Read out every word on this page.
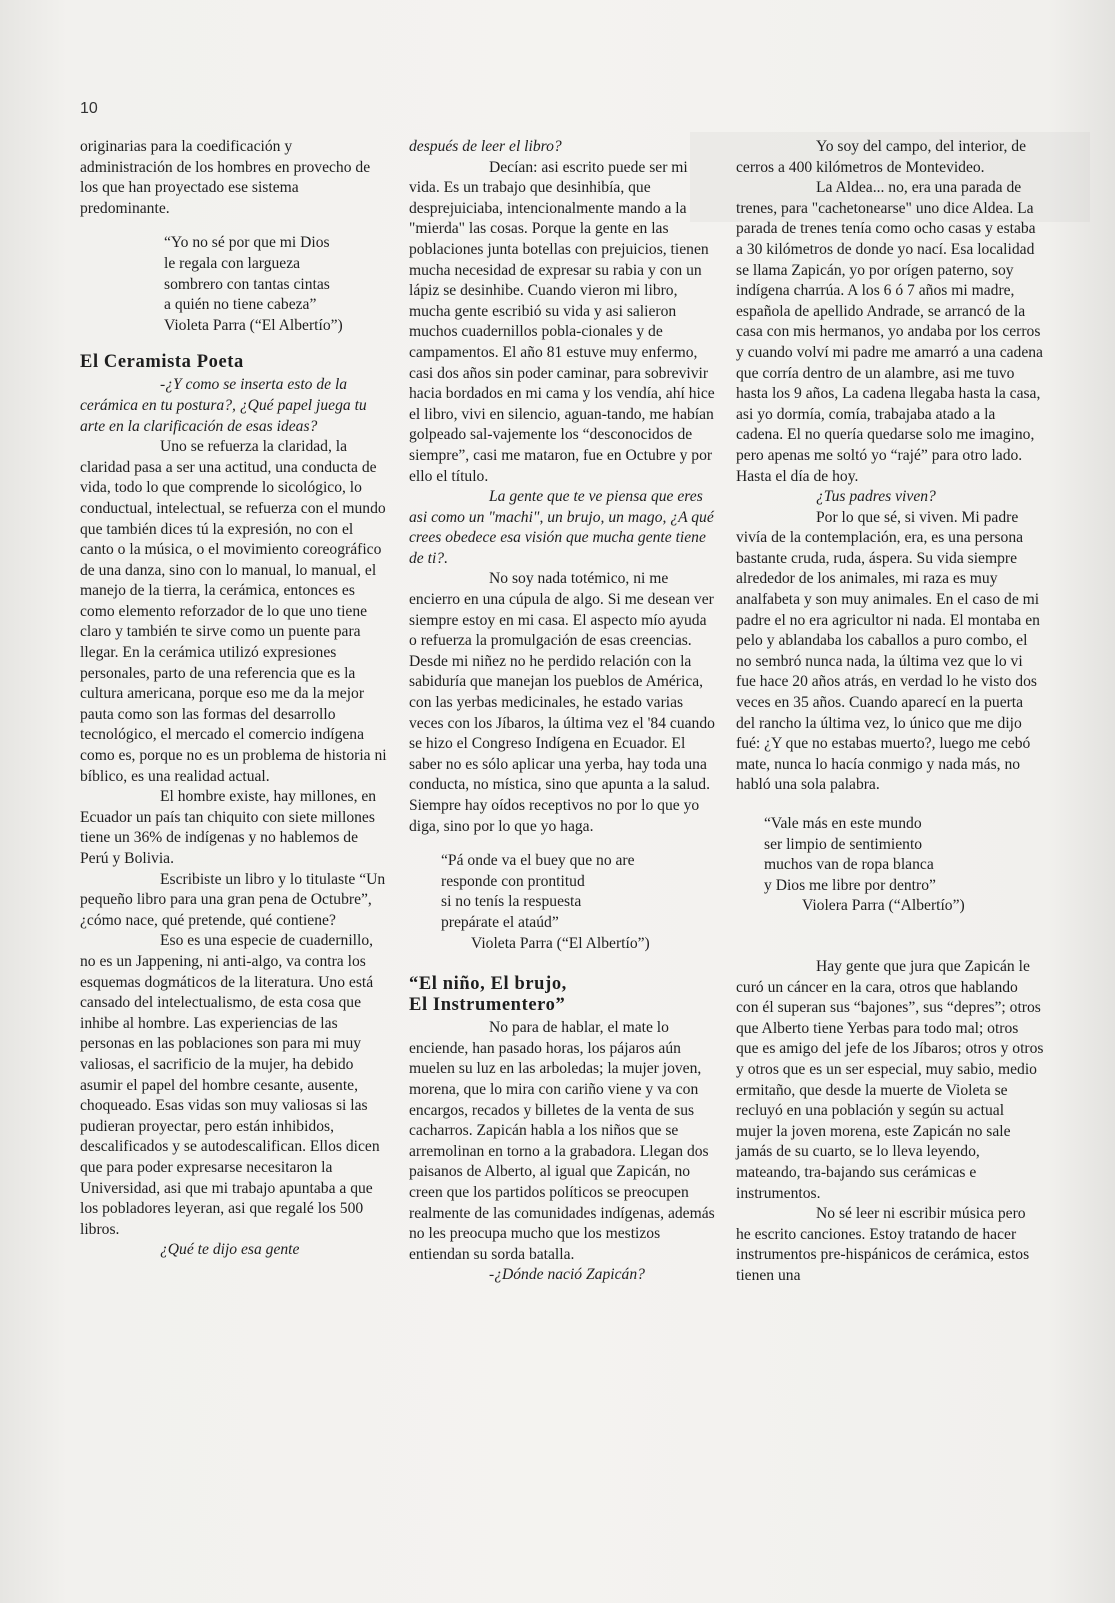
10

originarias para la coedificación y administración de los hombres en provecho de los que han proyectado ese sistema predominante.

“Yo no sé por que mi Dios
le regala con largueza
sombrero con tantas cintas
a quién no tiene cabeza”
Violeta Parra (“El Albertío”)
El Ceramista Poeta

-¿Y como se inserta esto de la cerámica en tu postura?, ¿Qué papel juega tu arte en la clarificación de esas ideas?

Uno se refuerza la claridad, la claridad pasa a ser una actitud, una conducta de vida, todo lo que comprende lo sicológico, lo conductual, intelectual, se refuerza con el mundo que también dices tú la expresión, no con el canto o la música, o el movimiento coreográfico de una danza, sino con lo manual, lo manual, el manejo de la tierra, la cerámica, entonces es como elemento reforzador de lo que uno tiene claro y también te sirve como un puente para llegar. En la cerámica utilizó expresiones personales, parto de una referencia que es la cultura americana, porque eso me da la mejor pauta como son las formas del desarrollo tecnológico, el mercado el comercio indígena como es, porque no es un problema de historia ni bíblico, es una realidad actual.

El hombre existe, hay millones, en Ecuador un país tan chiquito con siete millones tiene un 36% de indígenas y no hablemos de Perú y Bolivia.

Escribiste un libro y lo titulaste “Un pequeño libro para una gran pena de Octubre”, ¿cómo nace, qué pretende, qué contiene?

Eso es una especie de cuadernillo, no es un Jappening, ni anti-algo, va contra los esquemas dogmáticos de la literatura. Uno está cansado del intelectualismo, de esta cosa que inhibe al hombre. Las experiencias de las personas en las poblaciones son para mi muy valiosas, el sacrificio de la mujer, ha debido asumir el papel del hombre cesante, ausente, choqueado. Esas vidas son muy valiosas si las pudieran proyectar, pero están inhibidos, descalificados y se autodescalifican. Ellos dicen que para poder expresarse necesitaron la Universidad, asi que mi trabajo apuntaba a que los pobladores leyeran, asi que regalé los 500 libros.

¿Qué te dijo esa gente

después de leer el libro?

Decían: asi escrito puede ser mi vida. Es un trabajo que desinhibía, que desprejuiciaba, intencionalmente mando a la "mierda" las cosas. Porque la gente en las poblaciones junta botellas con prejuicios, tienen mucha necesidad de expresar su rabia y con un lápiz se desinhibe. Cuando vieron mi libro, mucha gente escribió su vida y asi salieron muchos cuadernillos pobla-cionales y de campamentos. El año 81 estuve muy enfermo, casi dos años sin poder caminar, para sobrevivir hacia bordados en mi cama y los vendía, ahí hice el libro, vivi en silencio, aguan-tando, me habían golpeado sal-vajemente los “desconocidos de siempre”, casi me mataron, fue en Octubre y por ello el título.

La gente que te ve piensa que eres asi como un "machi", un brujo, un mago, ¿A qué crees obedece esa visión que mucha gente tiene de ti?.

No soy nada totémico, ni me encierro en una cúpula de algo. Si me desean ver siempre estoy en mi casa. El aspecto mío ayuda o refuerza la promulgación de esas creencias. Desde mi niñez no he perdido relación con la sabiduría que manejan los pueblos de América, con las yerbas medicinales, he estado varias veces con los Jíbaros, la última vez el '84 cuando se hizo el Congreso Indígena en Ecuador. El saber no es sólo aplicar una yerba, hay toda una conducta, no mística, sino que apunta a la salud. Siempre hay oídos receptivos no por lo que yo diga, sino por lo que yo haga.

“Pá onde va el buey que no are
responde con prontitud
si no tenís la respuesta
prepárate el ataúd”
Violeta Parra (“El Albertío”)
“El niño, El brujo,
El Instrumentero”

No para de hablar, el mate lo enciende, han pasado horas, los pájaros aún muelen su luz en las arboledas; la mujer joven, morena, que lo mira con cariño viene y va con encargos, recados y billetes de la venta de sus cacharros. Zapicán habla a los niños que se arremolinan en torno a la grabadora. Llegan dos paisanos de Alberto, al igual que Zapicán, no creen que los partidos políticos se preocupen realmente de las comunidades indígenas, además no les preocupa mucho que los mestizos entiendan su sorda batalla.

-¿Dónde nació Zapicán?

Yo soy del campo, del interior, de cerros a 400 kilómetros de Montevideo.

La Aldea... no, era una parada de trenes, para "cachetonearse" uno dice Aldea. La parada de trenes tenía como ocho casas y estaba a 30 kilómetros de donde yo nací. Esa localidad se llama Zapicán, yo por orígen paterno, soy indígena charrúa. A los 6 ó 7 años mi madre, española de apellido Andrade, se arrancó de la casa con mis hermanos, yo andaba por los cerros y cuando volví mi padre me amarró a una cadena que corría dentro de un alambre, asi me tuvo hasta los 9 años, La cadena llegaba hasta la casa, asi yo dormía, comía, trabajaba atado a la cadena. El no quería quedarse solo me imagino, pero apenas me soltó yo “rajé” para otro lado. Hasta el día de hoy.

¿Tus padres viven?

Por lo que sé, si viven. Mi padre vivía de la contemplación, era, es una persona bastante cruda, ruda, áspera. Su vida siempre alrededor de los animales, mi raza es muy analfabeta y son muy animales. En el caso de mi padre el no era agricultor ni nada. El montaba en pelo y ablandaba los caballos a puro combo, el no sembró nunca nada, la última vez que lo vi fue hace 20 años atrás, en verdad lo he visto dos veces en 35 años. Cuando aparecí en la puerta del rancho la última vez, lo único que me dijo fué: ¿Y que no estabas muerto?, luego me cebó mate, nunca lo hacía conmigo y nada más, no habló una sola palabra.

“Vale más en este mundo
ser limpio de sentimiento
muchos van de ropa blanca
y Dios me libre por dentro”
Violera Parra (“Albertío”)

Hay gente que jura que Zapicán le curó un cáncer en la cara, otros que hablando con él superan sus “bajones”, sus “depres”; otros que Alberto tiene Yerbas para todo mal; otros que es amigo del jefe de los Jíbaros; otros y otros y otros que es un ser especial, muy sabio, medio ermitaño, que desde la muerte de Violeta se recluyó en una población y según su actual mujer la joven morena, este Zapicán no sale jamás de su cuarto, se lo lleva leyendo, mateando, tra-bajando sus cerámicas e instrumentos.

No sé leer ni escribir música pero he escrito canciones. Estoy tratando de hacer instrumentos pre-hispánicos de cerámica, estos tienen una
